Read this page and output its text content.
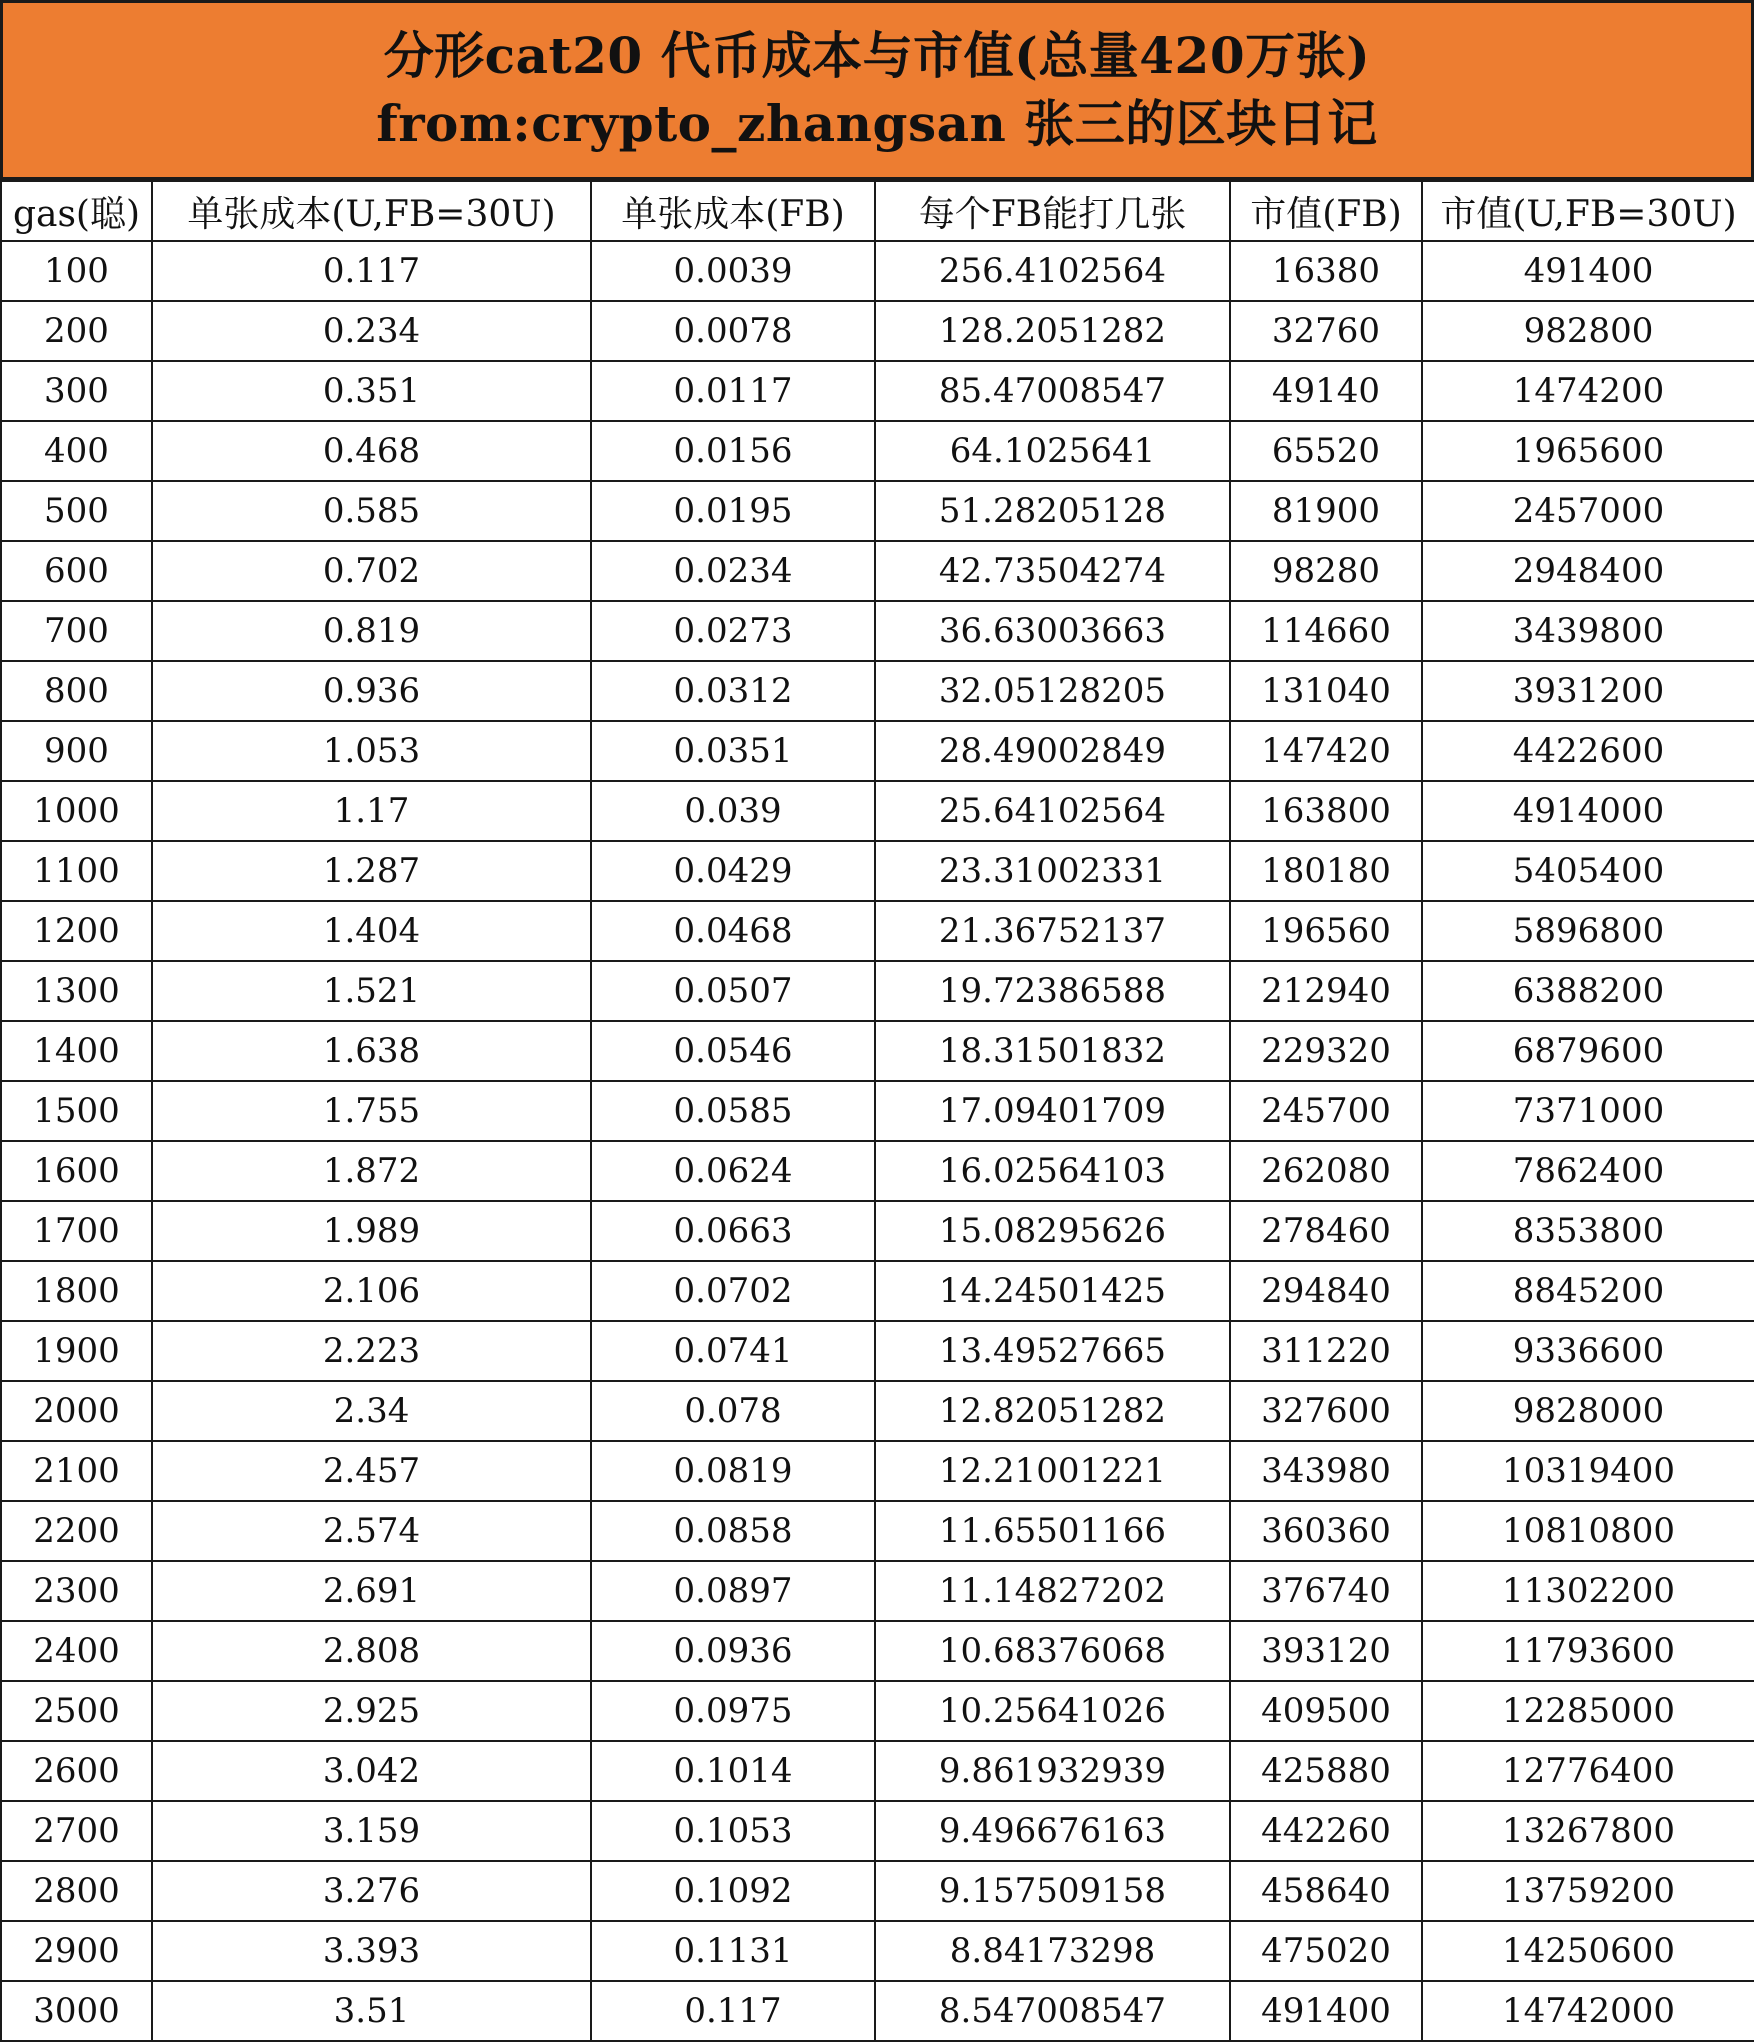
分形cat20 代币成本与市值(总量420万张)
from:crypto_zhangsan 张三的区块日记
gas(聪)	单张成本(U,FB=30U)	单张成本(FB)	每个FB能打几张	市值(FB)	市值(U,FB=30U)
100	0.117	0.0039	256.4102564	16380	491400
200	0.234	0.0078	128.2051282	32760	982800
300	0.351	0.0117	85.47008547	49140	1474200
400	0.468	0.0156	64.1025641	65520	1965600
500	0.585	0.0195	51.28205128	81900	2457000
600	0.702	0.0234	42.73504274	98280	2948400
700	0.819	0.0273	36.63003663	114660	3439800
800	0.936	0.0312	32.05128205	131040	3931200
900	1.053	0.0351	28.49002849	147420	4422600
1000	1.17	0.039	25.64102564	163800	4914000
1100	1.287	0.0429	23.31002331	180180	5405400
1200	1.404	0.0468	21.36752137	196560	5896800
1300	1.521	0.0507	19.72386588	212940	6388200
1400	1.638	0.0546	18.31501832	229320	6879600
1500	1.755	0.0585	17.09401709	245700	7371000
1600	1.872	0.0624	16.02564103	262080	7862400
1700	1.989	0.0663	15.08295626	278460	8353800
1800	2.106	0.0702	14.24501425	294840	8845200
1900	2.223	0.0741	13.49527665	311220	9336600
2000	2.34	0.078	12.82051282	327600	9828000
2100	2.457	0.0819	12.21001221	343980	10319400
2200	2.574	0.0858	11.65501166	360360	10810800
2300	2.691	0.0897	11.14827202	376740	11302200
2400	2.808	0.0936	10.68376068	393120	11793600
2500	2.925	0.0975	10.25641026	409500	12285000
2600	3.042	0.1014	9.861932939	425880	12776400
2700	3.159	0.1053	9.496676163	442260	13267800
2800	3.276	0.1092	9.157509158	458640	13759200
2900	3.393	0.1131	8.84173298	475020	14250600
3000	3.51	0.117	8.547008547	491400	14742000
